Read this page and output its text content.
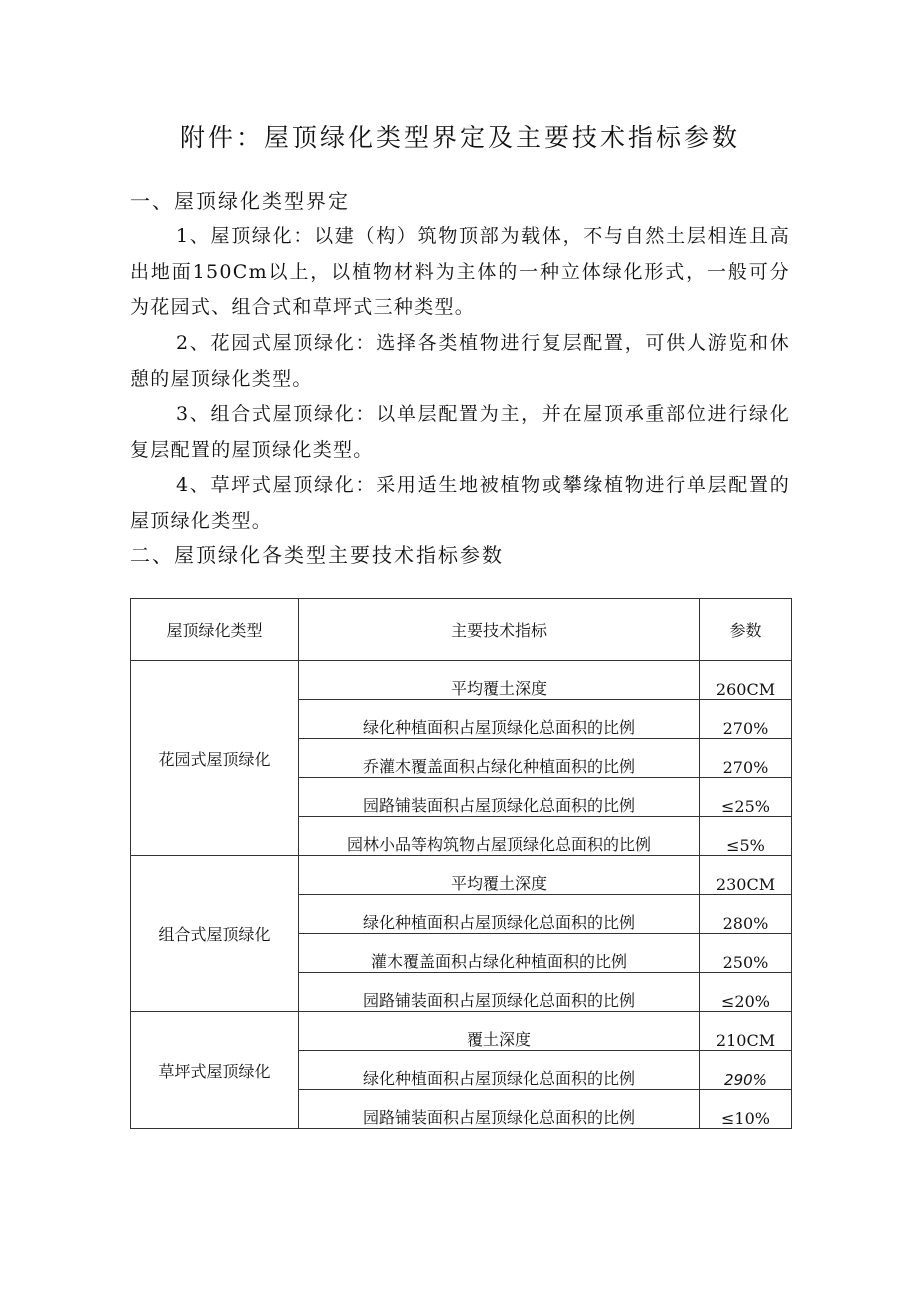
附件：屋顶绿化类型界定及主要技术指标参数
一、屋顶绿化类型界定
1、屋顶绿化：以建（构）筑物顶部为载体，不与自然土层相连且高出地面150Cm以上，以植物材料为主体的一种立体绿化形式，一般可分为花园式、组合式和草坪式三种类型。
2、花园式屋顶绿化：选择各类植物进行复层配置，可供人游览和休憩的屋顶绿化类型。
3、组合式屋顶绿化：以单层配置为主，并在屋顶承重部位进行绿化复层配置的屋顶绿化类型。
4、草坪式屋顶绿化：采用适生地被植物或攀缘植物进行单层配置的屋顶绿化类型。
二、屋顶绿化各类型主要技术指标参数
屋顶绿化类型	主要技术指标	参数
花园式屋顶绿化	平均覆土深度	260CM
	绿化种植面积占屋顶绿化总面积的比例	270%
	乔灌木覆盖面积占绿化种植面积的比例	270%
	园路铺装面积占屋顶绿化总面积的比例	≤25%
	园林小品等构筑物占屋顶绿化总面积的比例	≤5%
组合式屋顶绿化	平均覆土深度	230CM
	绿化种植面积占屋顶绿化总面积的比例	280%
	灌木覆盖面积占绿化种植面积的比例	250%
	园路铺装面积占屋顶绿化总面积的比例	≤20%
草坪式屋顶绿化	覆土深度	210CM
	绿化种植面积占屋顶绿化总面积的比例	290%
	园路铺装面积占屋顶绿化总面积的比例	≤10%
